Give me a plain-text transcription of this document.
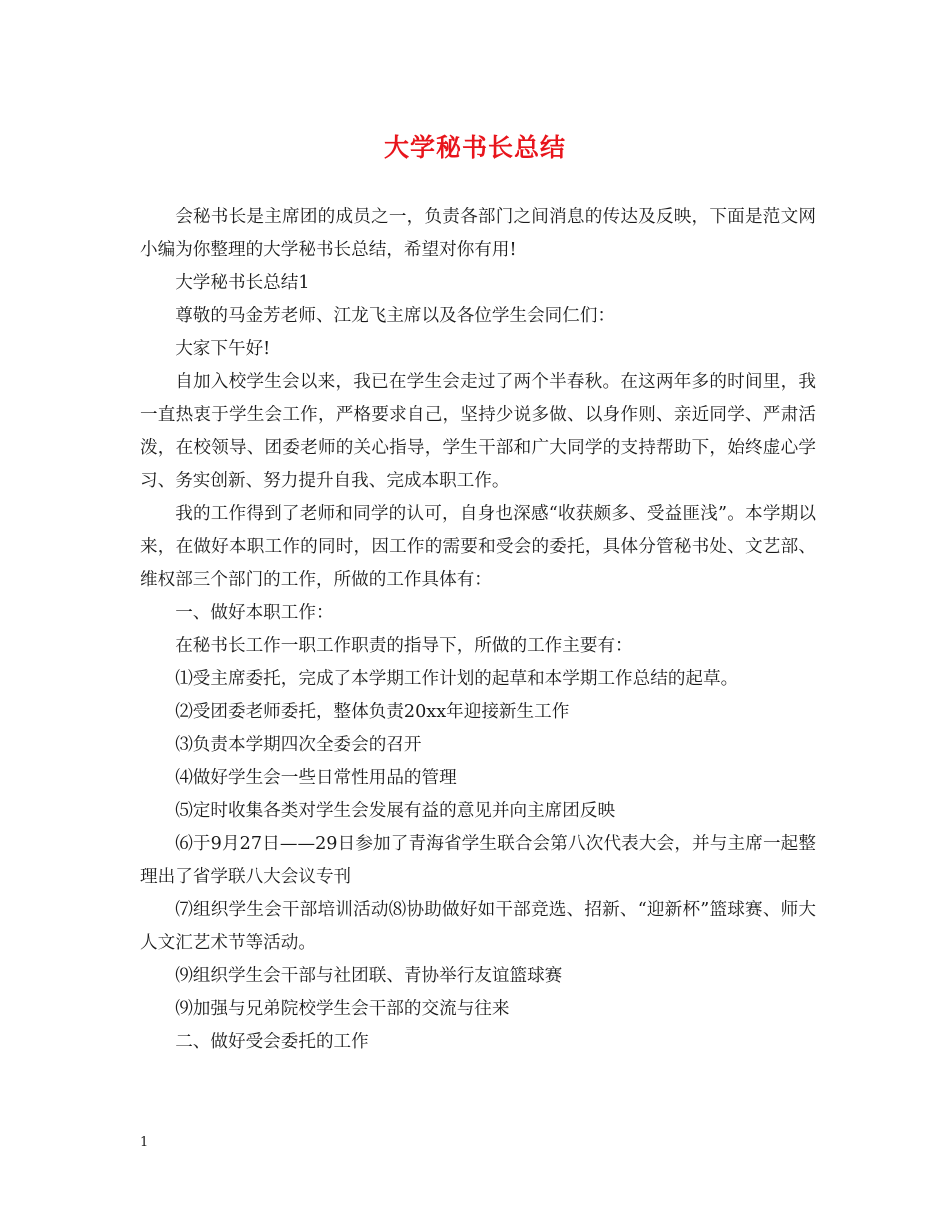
大学秘书长总结

会秘书长是主席团的成员之一，负责各部门之间消息的传达及反映，下面是范文网小编为你整理的大学秘书长总结，希望对你有用!

大学秘书长总结1

尊敬的马金芳老师、江龙飞主席以及各位学生会同仁们：

大家下午好!

自加入校学生会以来，我已在学生会走过了两个半春秋。在这两年多的时间里，我一直热衷于学生会工作，严格要求自己，坚持少说多做、以身作则、亲近同学、严肃活泼，在校领导、团委老师的关心指导，学生干部和广大同学的支持帮助下，始终虚心学习、务实创新、努力提升自我、完成本职工作。

我的工作得到了老师和同学的认可，自身也深感“收获颇多、受益匪浅”。本学期以来，在做好本职工作的同时，因工作的需要和受会的委托，具体分管秘书处、文艺部、维权部三个部门的工作，所做的工作具体有：

一、做好本职工作：

在秘书长工作一职工作职责的指导下，所做的工作主要有：

⑴受主席委托，完成了本学期工作计划的起草和本学期工作总结的起草。

⑵受团委老师委托，整体负责20xx年迎接新生工作

⑶负责本学期四次全委会的召开

⑷做好学生会一些日常性用品的管理

⑸定时收集各类对学生会发展有益的意见并向主席团反映

⑹于9月27日——29日参加了青海省学生联合会第八次代表大会，并与主席一起整理出了省学联八大会议专刊

⑺组织学生会干部培训活动⑻协助做好如干部竞选、招新、“迎新杯”篮球赛、师大人文汇艺术节等活动。

⑼组织学生会干部与社团联、青协举行友谊篮球赛

⑼加强与兄弟院校学生会干部的交流与往来

二、做好受会委托的工作

1
